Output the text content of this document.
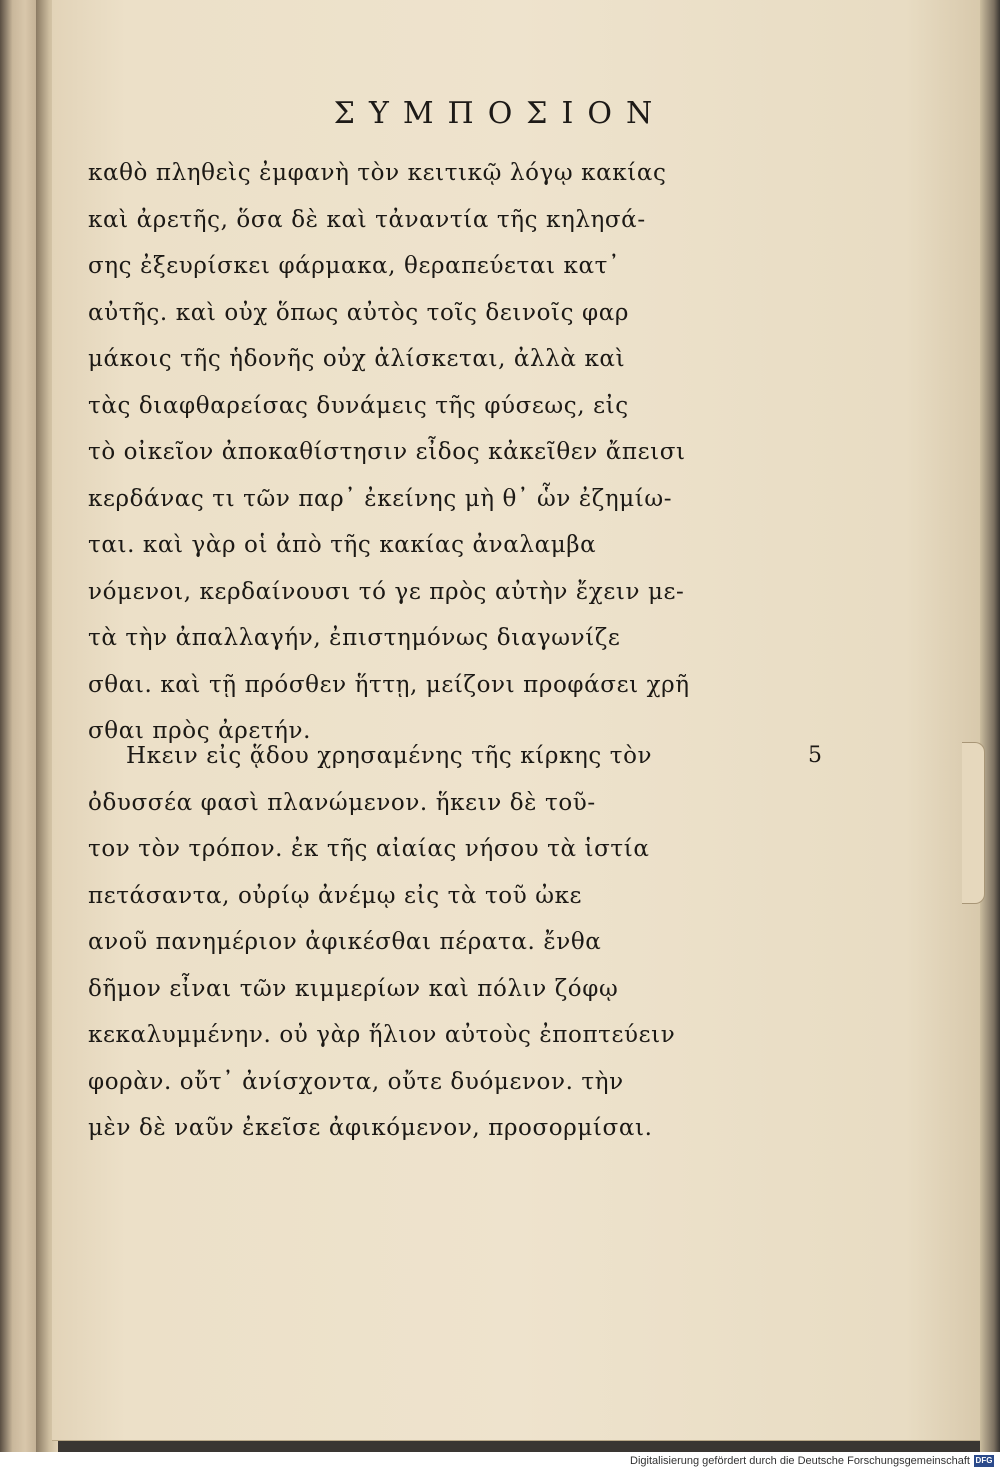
ΣΥΜΠΟΣΙΟΝ
καθὸ πληθεὶς ἐμφανὴ τὸν κειτικῷ λόγῳ κακίας
καὶ ἀρετῆς, ὅσα δὲ καὶ τἀναντία τῆς κηλησά-
σης ἐξευρίσκει φάρμακα, θεραπεύεται κατ᾿
αὐτῆς. καὶ οὐχ ὅπως αὐτὸς τοῖς δεινοῖς φαρ
μάκοις τῆς ἡδονῆς οὐχ ἁλίσκεται, ἀλλὰ καὶ
τὰς διαφθαρείσας δυνάμεις τῆς φύσεως, εἰς
τὸ οἰκεῖον ἀποκαθίστησιν εἶδος κἀκεῖθεν ἄπεισι
κερδάνας τι τῶν παρ᾿ ἐκείνης μὴ θ᾿ ὧν ἐζημίω-
ται. καὶ γὰρ οἱ ἀπὸ τῆς κακίας ἀναλαμβα
νόμενοι, κερδαίνουσι τό γε πρὸς αὐτὴν ἔχειν με-
τὰ τὴν ἀπαλλαγήν, ἐπιστημόνως διαγωνίζε
σθαι. καὶ τῇ πρόσθεν ἥττῃ, μείζονι προφάσει χρῆ
σθαι πρὸς ἀρετήν.
Ηκειν εἰς ᾅδου χρησαμένης τῆς κίρκης τὸν
ὀδυσσέα φασὶ πλανώμενον. ἥκειν δὲ τοῦ-
τον τὸν τρόπον. ἐκ τῆς αἰαίας νήσου τὰ ἱστία
πετάσαντα, οὐρίῳ ἀνέμῳ εἰς τὰ τοῦ ὠκε
ανοῦ πανημέριον ἀφικέσθαι πέρατα. ἔνθα
δῆμον εἶναι τῶν κιμμερίων καὶ πόλιν ζόφῳ
κεκαλυμμένην. οὐ γὰρ ἥλιον αὐτοὺς ἐποπτεύειν
φορὰν. οὔτ᾿ ἀνίσχοντα, οὔτε δυόμενον. τὴν
μὲν δὲ ναῦν ἐκεῖσε ἀφικόμενον, προσορμίσαι.
5
Digitalisierung gefördert durch die Deutsche Forschungsgemeinschaft DFG
